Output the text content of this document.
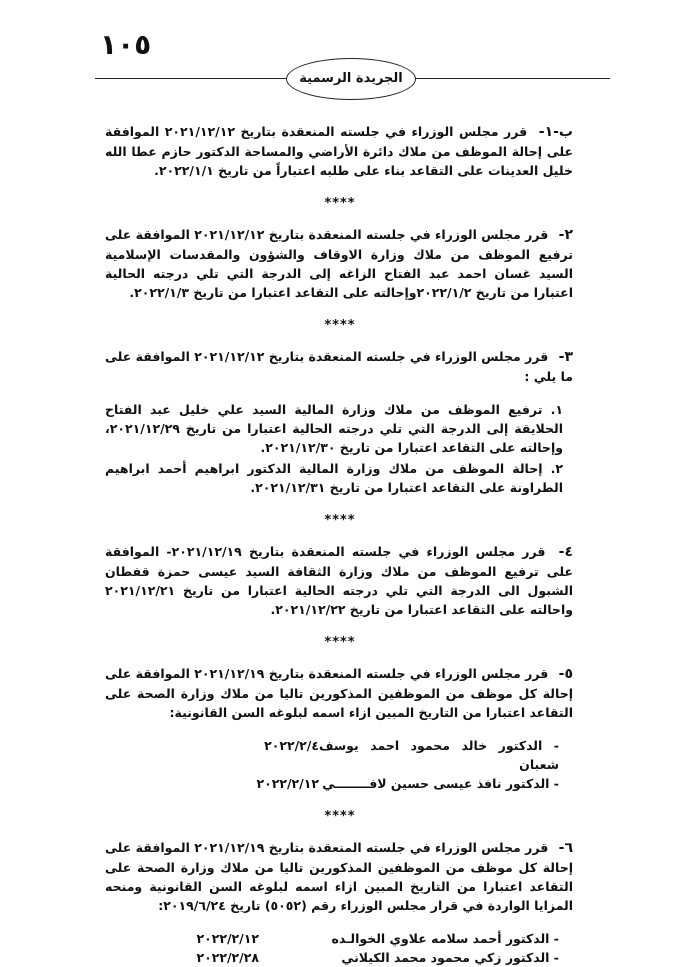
١٠٥
الجريدة الرسمية
ب-١- قرر مجلس الوزراء في جلسته المنعقدة بتاريخ ٢٠٢١/١٢/١٢ الموافقة على إحالة الموظف من ملاك دائرة الأراضي والمساحة الدكتور حازم عطا الله خليل العدينات على التقاعد بناء على طلبه اعتباراً من تاريخ ٢٠٢٢/١/١.
****
٢- قرر مجلس الوزراء في جلسته المنعقدة بتاريخ ٢٠٢١/١٢/١٢ الموافقة على ترفيع الموظف من ملاك وزارة الاوقاف والشؤون والمقدسات الإسلامية السيد غسان احمد عبد الفتاح الزاغه إلى الدرجة التي تلي درجته الحالية اعتبارا من تاريخ ٢٠٢٢/١/٢وإحالته على التقاعد اعتبارا من تاريخ ٢٠٢٢/١/٣.
****
٣- قرر مجلس الوزراء في جلسته المنعقدة بتاريخ ٢٠٢١/١٢/١٢ الموافقة على ما يلي :
١. ترفيع الموظف من ملاك وزارة المالية السيد علي خليل عبد الفتاح الحلايقة إلى الدرجة التي تلي درجته الحالية اعتبارا من تاريخ ٢٠٢١/١٢/٢٩، وإحالته على التقاعد اعتبارا من تاريخ ٢٠٢١/١٢/٣٠.
٢. إحالة الموظف من ملاك وزارة المالية الدكتور ابراهيم أحمد ابراهيم الطراونة على التقاعد اعتبارا من تاريخ ٢٠٢١/١٢/٣١.
****
٤- قرر مجلس الوزراء في جلسته المنعقدة بتاريخ ٢٠٢١/١٢/١٩- الموافقة على ترفيع الموظف من ملاك وزارة الثقافة السيد عيسى حمزة قفطان الشبول الى الدرجة التي تلي درجته الحالية اعتبارا من تاريخ ٢٠٢١/١٢/٢١ واحالته على التقاعد اعتبارا من تاريخ ٢٠٢١/١٢/٢٢.
****
٥- قرر مجلس الوزراء في جلسته المنعقدة بتاريخ ٢٠٢١/١٢/١٩ الموافقة على إحالة كل موظف من الموظفين المذكورين تاليا من ملاك وزارة الصحة على التقاعد اعتبارا من التاريخ المبين ازاء اسمه لبلوغه السن القانونية:
- الدكتور خالد محمود احمد يوسف شعبان
٢٠٢٢/٢/٤
- الدكتور نافذ عيسى حسين لافــــــــي
٢٠٢٢/٢/١٢
****
٦- قرر مجلس الوزراء في جلسته المنعقدة بتاريخ ٢٠٢١/١٢/١٩ الموافقة على إحالة كل موظف من الموظفين المذكورين تاليا من ملاك وزارة الصحة على التقاعد اعتبارا من التاريخ المبين ازاء اسمه لبلوغه السن القانونية ومنحه المزايا الواردة في قرار مجلس الوزراء رقم (٥٠٥٢) تاريخ ٢٠١٩/٦/٢٤:
- الدكتور أحمد سلامه علاوي الخوالـده
٢٠٢٢/٢/١٢
- الدكتور زكي محمود محمد الكيلاني
٢٠٢٢/٢/٢٨
